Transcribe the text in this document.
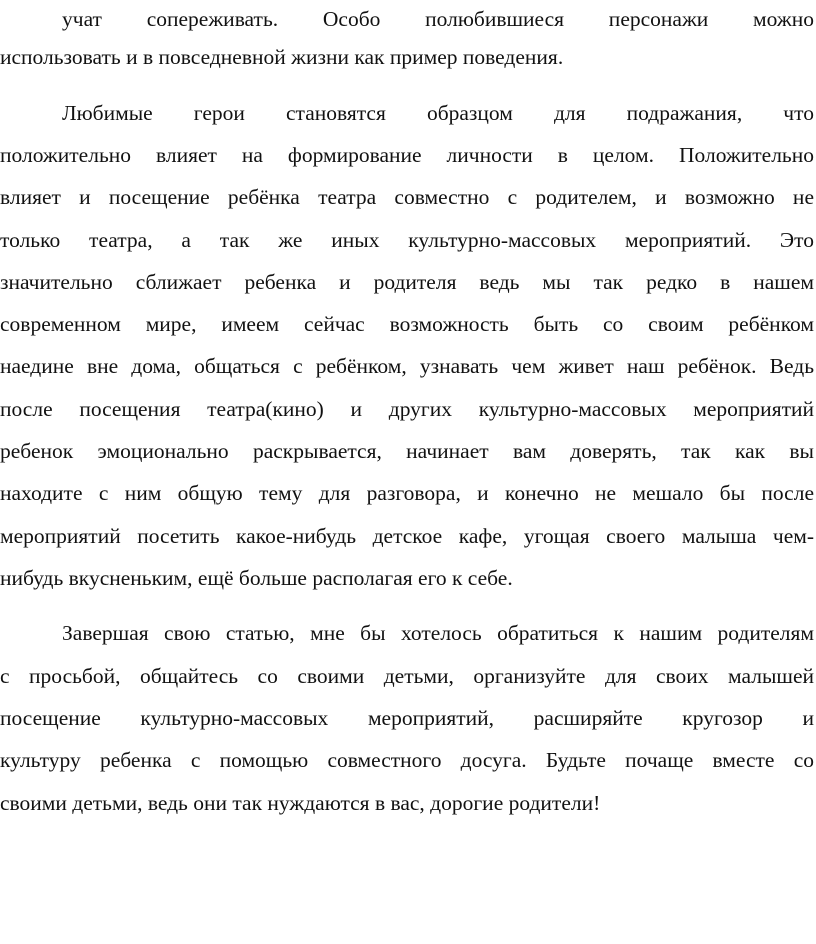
учат сопереживать. Особо полюбившиеся персонажи можно
использовать и в повседневной жизни как пример поведения.
Любимые герои становятся образцом для подражания, что
положительно влияет на формирование личности в целом. Положительно
влияет и посещение ребёнка театра совместно с родителем, и возможно не
только театра, а так же иных культурно-массовых мероприятий. Это
значительно сближает ребенка и родителя ведь мы так редко в нашем
современном мире, имеем сейчас возможность быть со своим ребёнком
наедине вне дома, общаться с ребёнком, узнавать чем живет наш ребёнок. Ведь
после посещения театра(кино) и других культурно-массовых мероприятий
ребенок эмоционально раскрывается, начинает вам доверять, так как вы
находите с ним общую тему для разговора, и конечно не мешало бы после
мероприятий посетить какое-нибудь детское кафе, угощая своего малыша чем-
нибудь вкусненьким, ещё больше располагая его к себе.
Завершая свою статью, мне бы хотелось обратиться к нашим родителям
с просьбой, общайтесь со своими детьми, организуйте для своих малышей
посещение культурно-массовых мероприятий, расширяйте кругозор и
культуру ребенка с помощью совместного досуга. Будьте почаще вместе со
своими детьми, ведь они так нуждаются в вас, дорогие родители!
